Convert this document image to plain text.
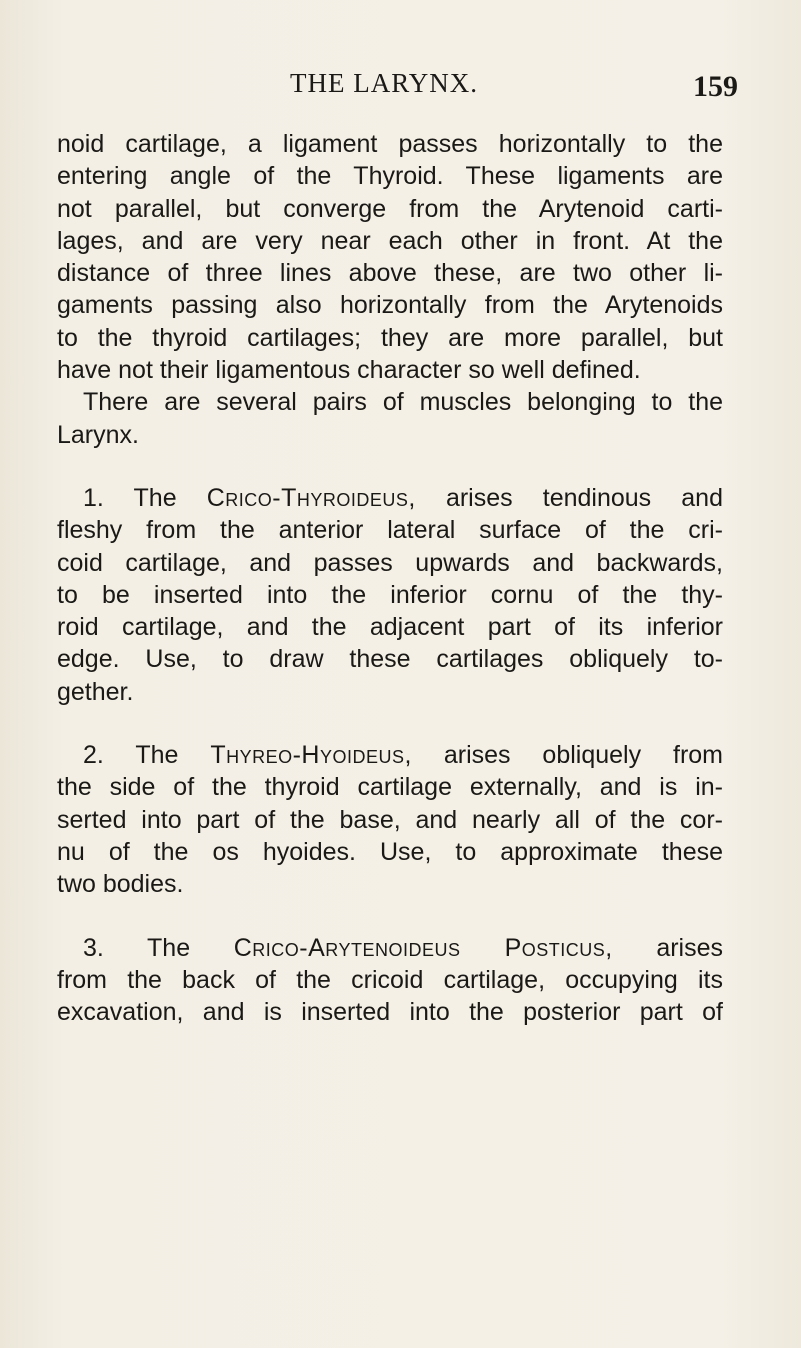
THE LARYNX.	159

noid cartilage, a ligament passes horizontally to the
entering angle of the Thyroid. These ligaments are
not parallel, but converge from the Arytenoid carti-
lages, and are very near each other in front. At the
distance of three lines above these, are two other li-
gaments passing also horizontally from the Arytenoids
to the thyroid cartilages; they are more parallel, but
have not their ligamentous character so well defined.

There are several pairs of muscles belonging to the
Larynx.

1. The Crico-Thyroideus, arises tendinous and
fleshy from the anterior lateral surface of the cri-
coid cartilage, and passes upwards and backwards,
to be inserted into the inferior cornu of the thy-
roid cartilage, and the adjacent part of its inferior
edge. Use, to draw these cartilages obliquely to-
gether.

2. The Thyreo-Hyoideus, arises obliquely from
the side of the thyroid cartilage externally, and is in-
serted into part of the base, and nearly all of the cor-
nu of the os hyoides. Use, to approximate these
two bodies.

3. The Crico-Arytenoideus Posticus, arises
from the back of the cricoid cartilage, occupying its
excavation, and is inserted into the posterior part of
